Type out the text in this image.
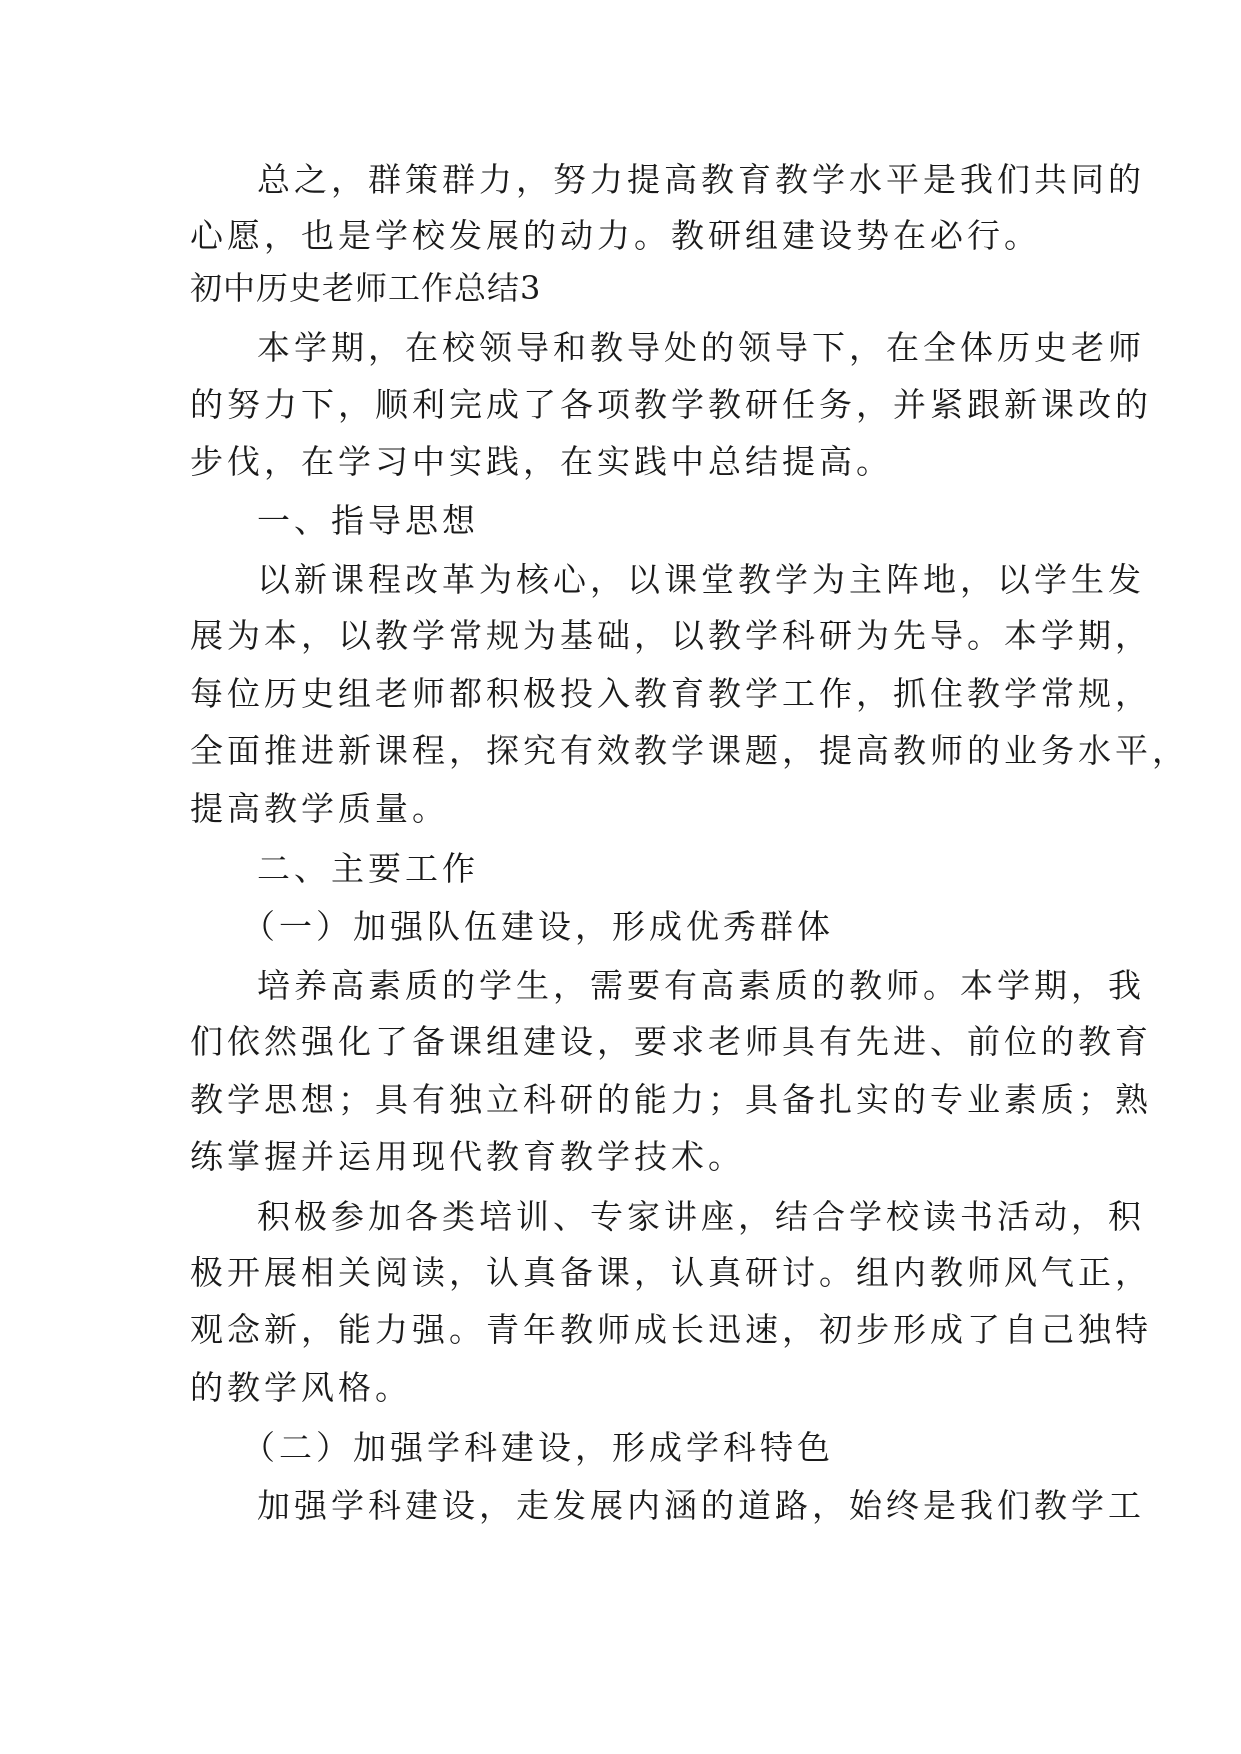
总之，群策群力，努力提高教育教学水平是我们共同的
心愿，也是学校发展的动力。教研组建设势在必行。
初中历史老师工作总结3
本学期，在校领导和教导处的领导下，在全体历史老师
的努力下，顺利完成了各项教学教研任务，并紧跟新课改的
步伐，在学习中实践，在实践中总结提高。
一、指导思想
以新课程改革为核心，以课堂教学为主阵地，以学生发
展为本，以教学常规为基础，以教学科研为先导。本学期，
每位历史组老师都积极投入教育教学工作，抓住教学常规，
全面推进新课程，探究有效教学课题，提高教师的业务水平，
提高教学质量。
二、主要工作
（一）加强队伍建设，形成优秀群体
培养高素质的学生，需要有高素质的教师。本学期，我
们依然强化了备课组建设，要求老师具有先进、前位的教育
教学思想；具有独立科研的能力；具备扎实的专业素质；熟
练掌握并运用现代教育教学技术。
积极参加各类培训、专家讲座，结合学校读书活动，积
极开展相关阅读，认真备课，认真研讨。组内教师风气正，
观念新，能力强。青年教师成长迅速，初步形成了自己独特
的教学风格。
（二）加强学科建设，形成学科特色
加强学科建设，走发展内涵的道路，始终是我们教学工
